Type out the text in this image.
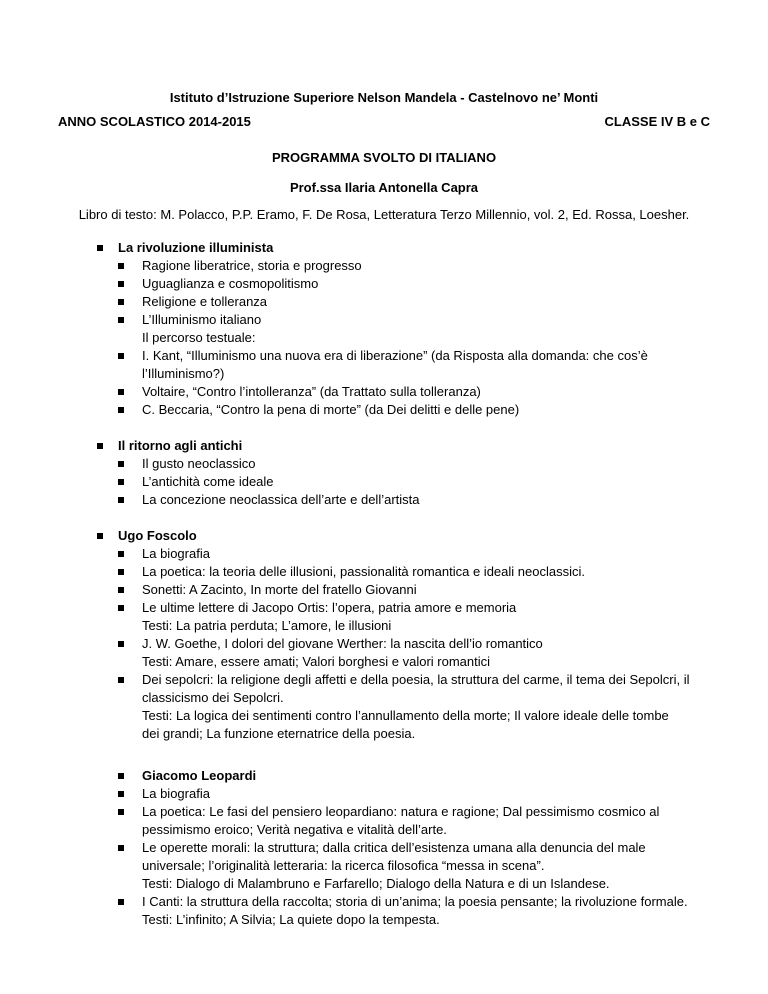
Istituto d’Istruzione Superiore Nelson Mandela - Castelnovo ne’ Monti
ANNO SCOLASTICO 2014-2015	CLASSE IV B e C
PROGRAMMA SVOLTO DI ITALIANO
Prof.ssa Ilaria Antonella Capra
Libro di testo: M. Polacco, P.P. Eramo, F. De Rosa, Letteratura Terzo Millennio, vol. 2, Ed. Rossa, Loesher.
La rivoluzione illuminista
Ragione liberatrice, storia e progresso
Uguaglianza e cosmopolitismo
Religione e tolleranza
L’Illuminismo italiano
Il percorso testuale:
I. Kant, “Illuminismo una nuova era di liberazione” (da Risposta alla domanda: che cos’è
l’Illuminismo?)
Voltaire, “Contro l’intolleranza” (da Trattato sulla tolleranza)
C. Beccaria, “Contro la pena di morte” (da Dei delitti e delle pene)
Il ritorno agli antichi
Il gusto neoclassico
L’antichità come ideale
La concezione neoclassica dell’arte e dell’artista
Ugo Foscolo
La biografia
La poetica: la teoria delle illusioni, passionalità romantica e ideali neoclassici.
Sonetti: A Zacinto, In morte del fratello Giovanni
Le ultime lettere di Jacopo Ortis: l’opera, patria amore e memoria
Testi: La patria perduta; L’amore, le illusioni
J. W. Goethe, I dolori del giovane Werther: la nascita dell’io romantico
Testi: Amare, essere amati; Valori borghesi e valori romantici
Dei sepolcri: la religione degli affetti e della poesia, la struttura del carme, il tema dei Sepolcri, il
classicismo dei Sepolcri.
Testi: La logica dei sentimenti contro l’annullamento della morte; Il valore ideale delle tombe
dei grandi; La funzione eternatrice della poesia.
Giacomo Leopardi
La biografia
La poetica: Le fasi del pensiero leopardiano: natura e ragione; Dal pessimismo cosmico al
pessimismo eroico; Verità negativa e vitalità dell’arte.
Le operette morali: la struttura; dalla critica dell’esistenza umana alla denuncia del male
universale; l’originalità letteraria: la ricerca filosofica “messa in scena”.
Testi: Dialogo di Malambruno e Farfarello; Dialogo della Natura e di un Islandese.
I Canti: la struttura della raccolta; storia di un’anima; la poesia pensante; la rivoluzione formale.
Testi: L’infinito; A Silvia; La quiete dopo la tempesta.
